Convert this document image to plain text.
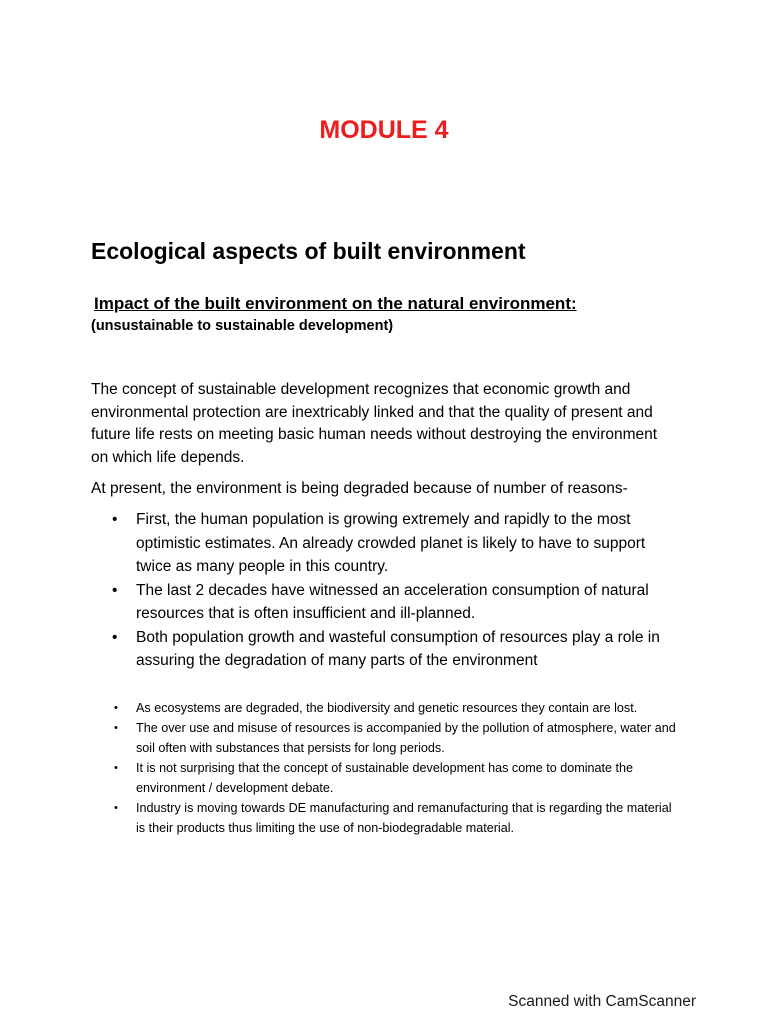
MODULE 4
Ecological aspects of built environment

Impact of the built environment on the natural environment:

(unsustainable to sustainable development)

The concept of sustainable development recognizes that economic growth and environmental protection are inextricably linked and that the quality of present and future life rests on meeting basic human needs without destroying the environment on which life depends.

At present, the environment is being degraded because of number of reasons-

• First, the human population is growing extremely and rapidly to the most optimistic estimates. An already crowded planet is likely to have to support twice as many people in this country.
• The last 2 decades have witnessed an acceleration consumption of natural resources that is often insufficient and ill-planned.
• Both population growth and wasteful consumption of resources play a role in assuring the degradation of many parts of the environment
• As ecosystems are degraded, the biodiversity and genetic resources they contain are lost.
• The over use and misuse of resources is accompanied by the pollution of atmosphere, water and soil often with substances that persists for long periods.
• It is not surprising that the concept of sustainable development has come to dominate the environment / development debate.
• Industry is moving towards DE manufacturing and remanufacturing that is regarding the material is their products thus limiting the use of non-biodegradable material.
Scanned with CamScanner
